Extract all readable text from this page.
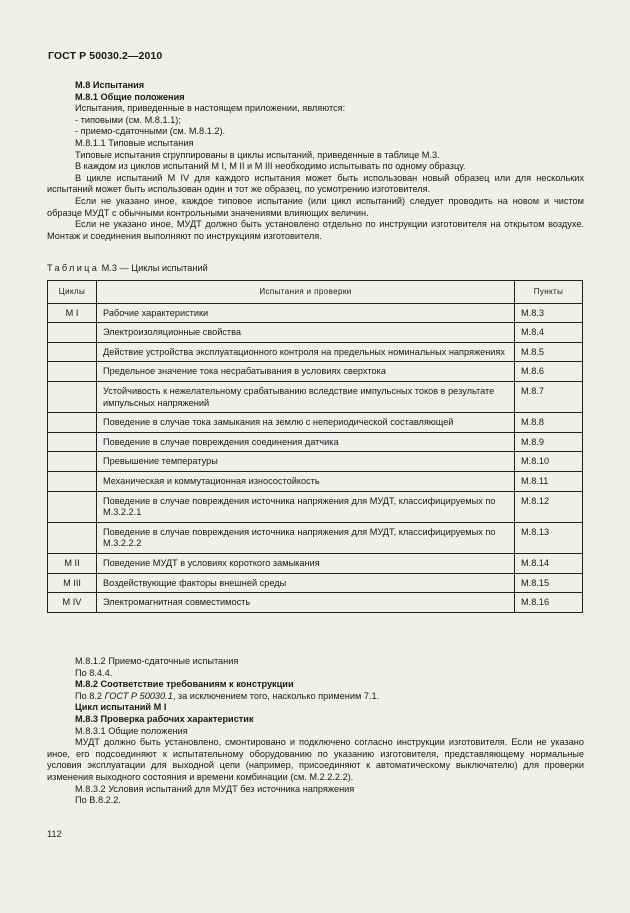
ГОСТ Р 50030.2—2010

М.8 Испытания

М.8.1 Общие положения

Испытания, приведенные в настоящем приложении, являются:

- типовыми (см. М.8.1.1);

- приемо-сдаточными (см. М.8.1.2).

М.8.1.1 Типовые испытания

Типовые испытания сгруппированы в циклы испытаний, приведенные в таблице М.3.

В каждом из циклов испытаний М I, М II и М III необходимо испытывать по одному образцу.

В цикле испытаний М IV для каждого испытания может быть использован новый образец или для нескольких испытаний может быть использован один и тот же образец, по усмотрению изготовителя.

Если не указано иное, каждое типовое испытание (или цикл испытаний) следует проводить на новом и чистом образце МУДТ с обычными контрольными значениями влияющих величин.

Если не указано иное, МУДТ должно быть установлено отдельно по инструкции изготовителя на открытом воздухе. Монтаж и соединения выполняют по инструкциям изготовителя.

Таблица М.3 — Циклы испытаний
Циклы	Испытания и проверки	Пункты
М I	Рабочие характеристики	М.8.3
	Электроизоляционные свойства	М.8.4
	Действие устройства эксплуатационного контроля на предельных номинальных напряжениях	М.8.5
	Предельное значение тока несрабатывания в условиях сверхтока	М.8.6
	Устойчивость к нежелательному срабатыванию вследствие импульсных токов в результате импульсных напряжений	М.8.7
	Поведение в случае тока замыкания на землю с непериодической составляющей	М.8.8
	Поведение в случае повреждения соединения датчика	М.8.9
	Превышение температуры	М.8.10
	Механическая и коммутационная износостойкость	М.8.11
	Поведение в случае повреждения источника напряжения для МУДТ, классифицируемых по М.3.2.2.1	М.8.12
	Поведение в случае повреждения источника напряжения для МУДТ, классифицируемых по М.3.2.2.2	М.8.13
М II	Поведение МУДТ в условиях короткого замыкания	М.8.14
М III	Воздействующие факторы внешней среды	М.8.15
М IV	Электромагнитная совместимость	М.8.16

М.8.1.2 Приемо-сдаточные испытания

По 8.4.4.

М.8.2 Соответствие требованиям к конструкции

По 8.2 ГОСТ Р 50030.1, за исключением того, насколько применим 7.1.

Цикл испытаний М I

М.8.3 Проверка рабочих характеристик

М.8.3.1 Общие положения

МУДТ должно быть установлено, смонтировано и подключено согласно инструкции изготовителя. Если не указано иное, его подсоединяют к испытательному оборудованию по указанию изготовителя, представляющему нормальные условия эксплуатации для выходной цепи (например, присоединяют к автоматическому выключателю) для проверки изменения выходного состояния и времени комбинации (см. М.2.2.2.2).

М.8.3.2 Условия испытаний для МУДТ без источника напряжения

По В.8.2.2.

112
